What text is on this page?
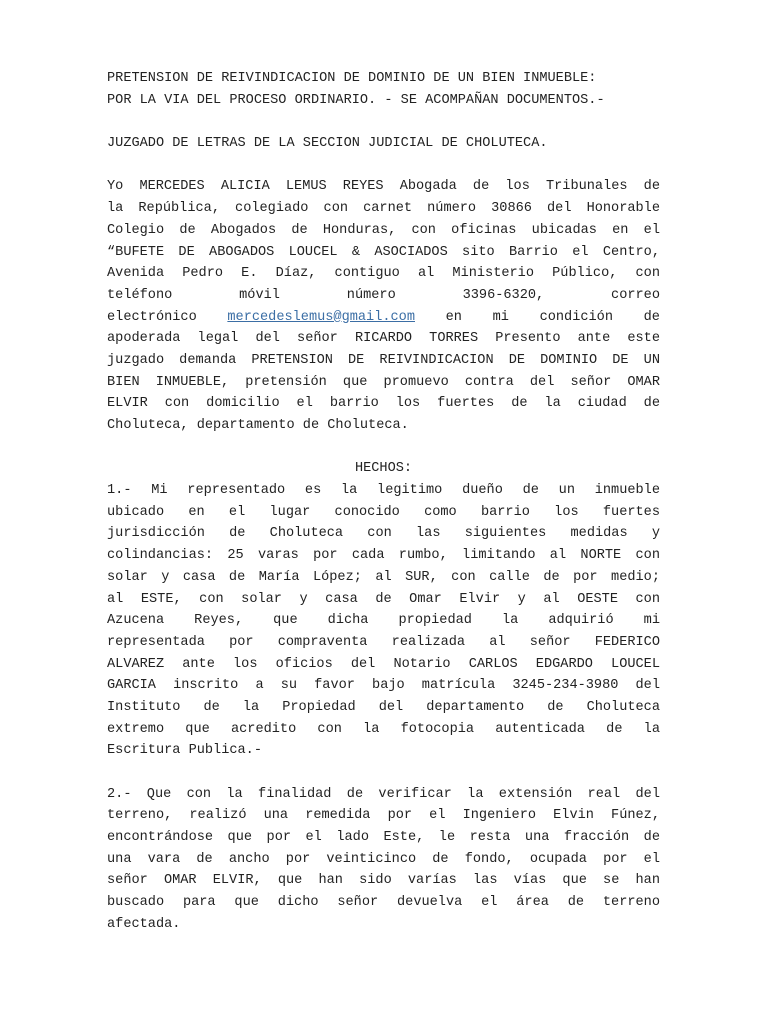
PRETENSION DE REIVINDICACION DE DOMINIO DE UN BIEN INMUEBLE:
POR LA VIA DEL PROCESO ORDINARIO. - SE ACOMPAÑAN DOCUMENTOS.-
JUZGADO DE LETRAS DE LA SECCION JUDICIAL DE CHOLUTECA.
Yo MERCEDES ALICIA LEMUS REYES Abogada de los Tribunales de
la República, colegiado con carnet número 30866 del Honorable
Colegio de Abogados de Honduras, con oficinas ubicadas en el
“BUFETE DE ABOGADOS LOUCEL & ASOCIADOS sito Barrio el Centro,
Avenida Pedro E. Díaz, contiguo al Ministerio Público, con
teléfono	móvil	número	3396-6320,	correo
electrónico mercedeslemus@gmail.com en mi condición de
apoderada legal del señor RICARDO TORRES Presento ante este
juzgado demanda PRETENSION DE REIVINDICACION DE DOMINIO DE UN
BIEN INMUEBLE, pretensión que promuevo contra del señor OMAR
ELVIR con domicilio el barrio los fuertes de la ciudad de
Choluteca, departamento de Choluteca.
HECHOS:
1.- Mi representado es la legitimo dueño de un inmueble
ubicado en el lugar conocido como barrio los fuertes
jurisdicción de Choluteca con las siguientes medidas y
colindancias: 25 varas por cada rumbo, limitando al NORTE con
solar y casa de María López; al SUR, con calle de por medio;
al ESTE, con solar y casa de Omar Elvir y al OESTE con
Azucena Reyes, que dicha propiedad la adquirió mi
representada por compraventa realizada al señor FEDERICO
ALVAREZ ante los oficios del Notario CARLOS EDGARDO LOUCEL
GARCIA inscrito a su favor bajo matrícula 3245-234-3980 del
Instituto de la Propiedad del departamento de Choluteca
extremo que acredito con la fotocopia autenticada de la
Escritura Publica.-
2.- Que con la finalidad de verificar la extensión real del
terreno, realizó una remedida por el Ingeniero Elvin Fúnez,
encontrándose que por el lado Este, le resta una fracción de
una vara de ancho por veinticinco de fondo, ocupada por el
señor OMAR ELVIR, que han sido varías las vías que se han
buscado para que dicho señor devuelva el área de terreno
afectada.
